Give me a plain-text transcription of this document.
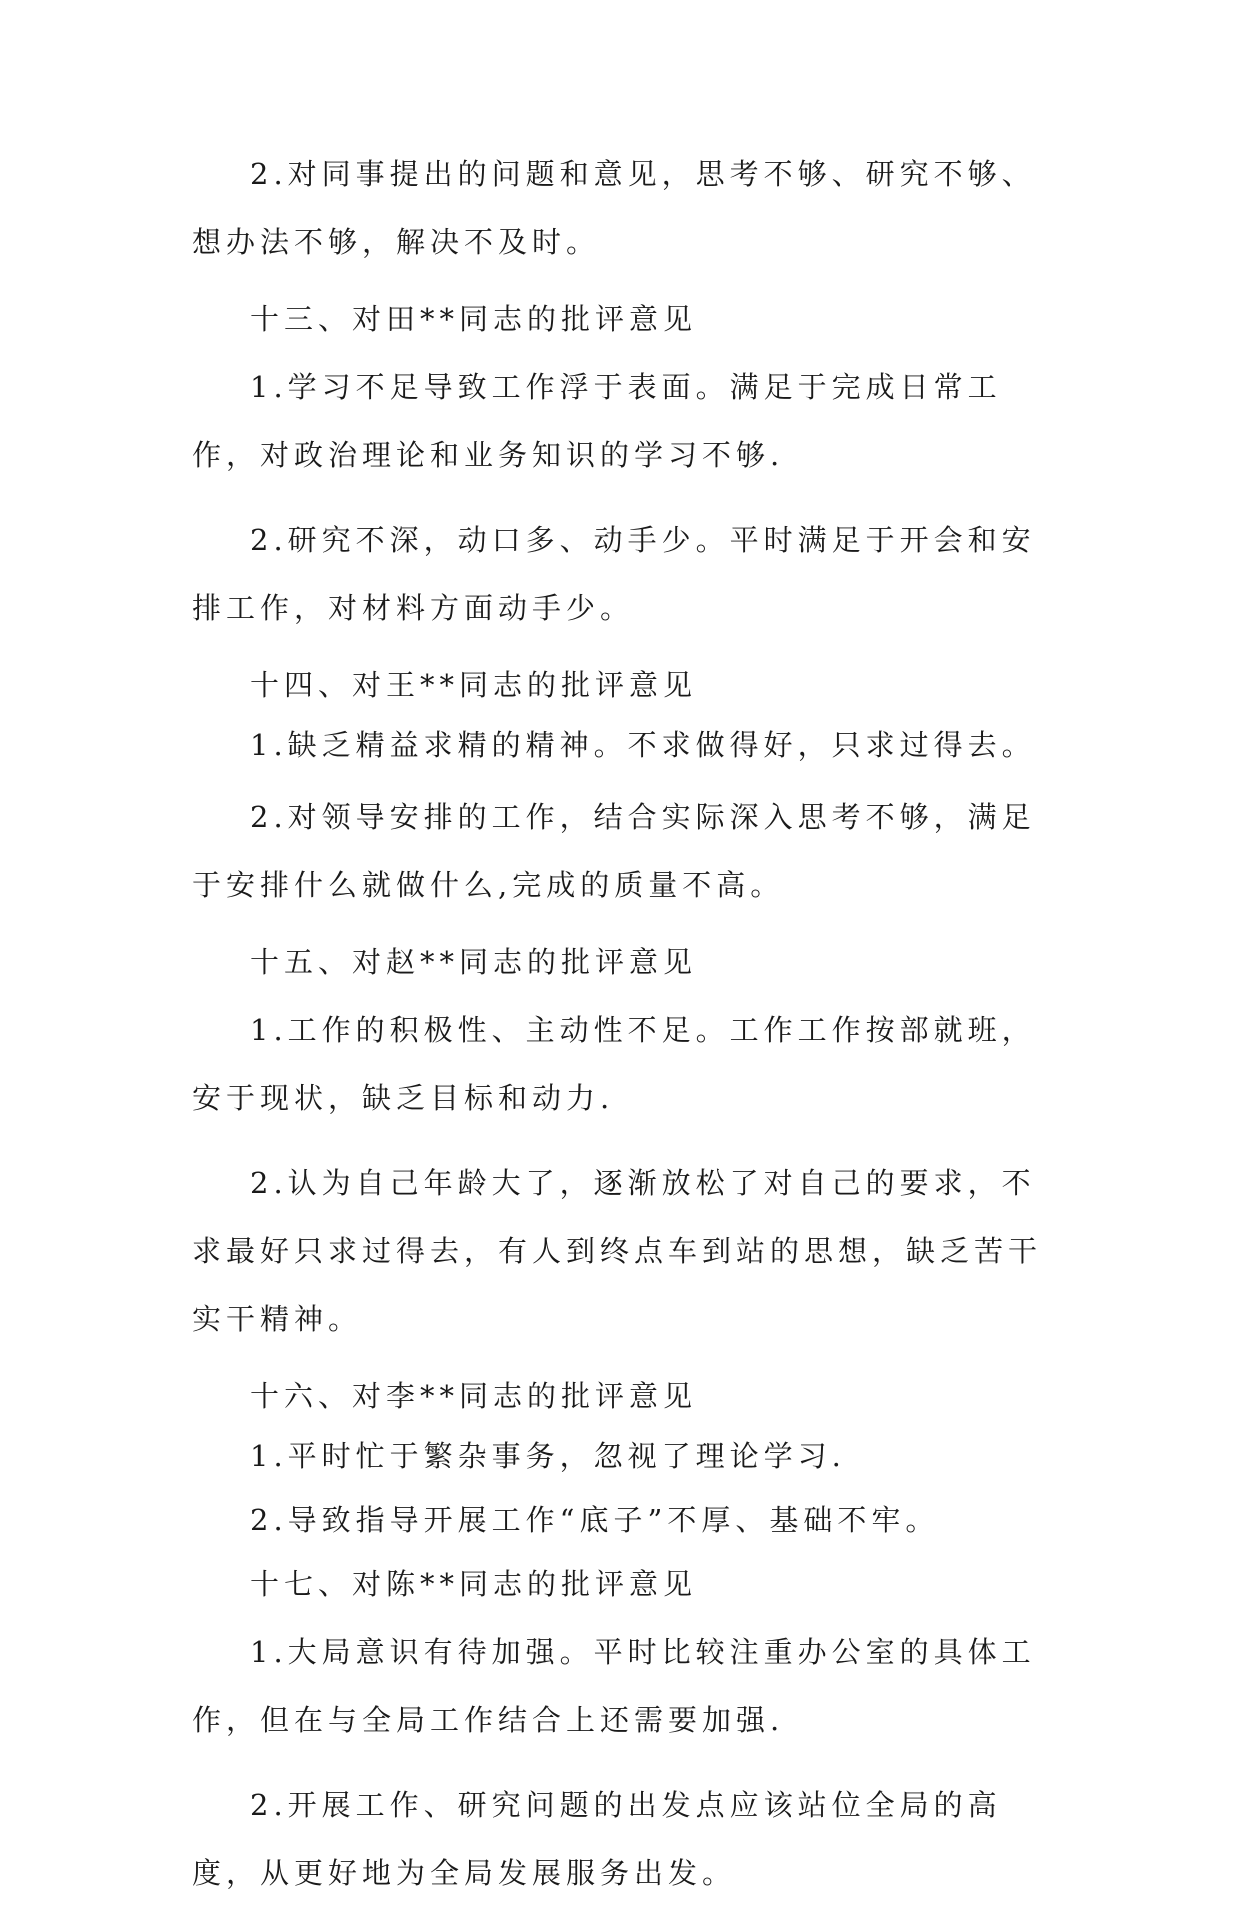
2.对同事提出的问题和意见，思考不够、研究不够、想办法不够，解决不及时。

十三、对田**同志的批评意见

1.学习不足导致工作浮于表面。满足于完成日常工作，对政治理论和业务知识的学习不够.

2.研究不深，动口多、动手少。平时满足于开会和安排工作，对材料方面动手少。

十四、对王**同志的批评意见

1.缺乏精益求精的精神。不求做得好，只求过得去。

2.对领导安排的工作，结合实际深入思考不够，满足于安排什么就做什么,完成的质量不高。

十五、对赵**同志的批评意见

1.工作的积极性、主动性不足。工作工作按部就班，安于现状，缺乏目标和动力.

2.认为自己年龄大了，逐渐放松了对自己的要求，不求最好只求过得去，有人到终点车到站的思想，缺乏苦干实干精神。

十六、对李**同志的批评意见

1.平时忙于繁杂事务，忽视了理论学习.

2.导致指导开展工作“底子”不厚、基础不牢。

十七、对陈**同志的批评意见

1.大局意识有待加强。平时比较注重办公室的具体工作，但在与全局工作结合上还需要加强.

2.开展工作、研究问题的出发点应该站位全局的高度，从更好地为全局发展服务出发。
